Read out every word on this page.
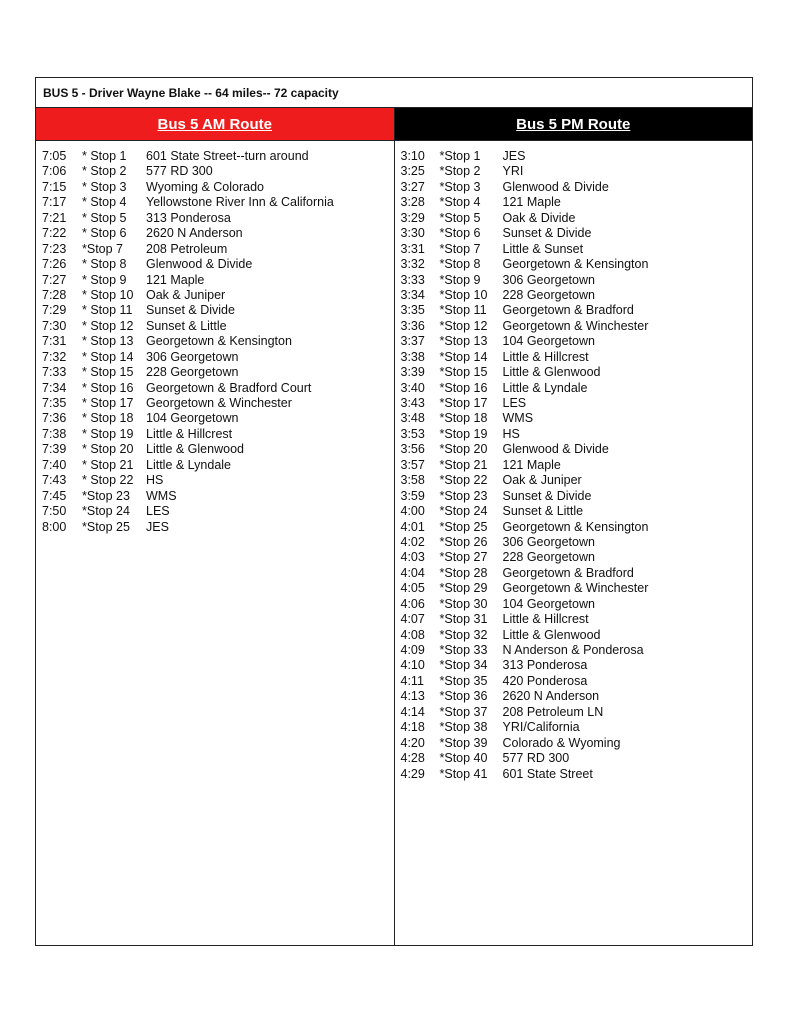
BUS 5 - Driver Wayne Blake -- 64 miles-- 72 capacity
Bus 5 AM Route	Bus 5 PM Route
7:05 * Stop 1 601 State Street--turn around
7:06 * Stop 2 577 RD 300
7:15 * Stop 3 Wyoming & Colorado
7:17 * Stop 4 Yellowstone River Inn & California
7:21 * Stop 5 313 Ponderosa
7:22 * Stop 6 2620 N Anderson
7:23 *Stop 7 208 Petroleum
7:26 * Stop 8 Glenwood & Divide
7:27 * Stop 9 121 Maple
7:28 * Stop 10 Oak & Juniper
7:29 * Stop 11 Sunset & Divide
7:30 * Stop 12 Sunset & Little
7:31 * Stop 13 Georgetown & Kensington
7:32 * Stop 14 306 Georgetown
7:33 * Stop 15 228 Georgetown
7:34 * Stop 16 Georgetown & Bradford Court
7:35 * Stop 17 Georgetown & Winchester
7:36 * Stop 18 104 Georgetown
7:38 * Stop 19 Little & Hillcrest
7:39 * Stop 20 Little & Glenwood
7:40 * Stop 21 Little & Lyndale
7:43 * Stop 22 HS
7:45 *Stop 23 WMS
7:50 *Stop 24 LES
8:00 *Stop 25 JES
3:10 *Stop 1 JES
3:25 *Stop 2 YRI
3:27 *Stop 3 Glenwood & Divide
3:28 *Stop 4 121 Maple
3:29 *Stop 5 Oak & Divide
3:30 *Stop 6 Sunset & Divide
3:31 *Stop 7 Little & Sunset
3:32 *Stop 8 Georgetown & Kensington
3:33 *Stop 9 306 Georgetown
3:34 *Stop 10 228 Georgetown
3:35 *Stop 11 Georgetown & Bradford
3:36 *Stop 12 Georgetown & Winchester
3:37 *Stop 13 104 Georgetown
3:38 *Stop 14 Little & Hillcrest
3:39 *Stop 15 Little & Glenwood
3:40 *Stop 16 Little & Lyndale
3:43 *Stop 17 LES
3:48 *Stop 18 WMS
3:53 *Stop 19 HS
3:56 *Stop 20 Glenwood & Divide
3:57 *Stop 21 121 Maple
3:58 *Stop 22 Oak & Juniper
3:59 *Stop 23 Sunset & Divide
4:00 *Stop 24 Sunset & Little
4:01 *Stop 25 Georgetown & Kensington
4:02 *Stop 26 306 Georgetown
4:03 *Stop 27 228 Georgetown
4:04 *Stop 28 Georgetown & Bradford
4:05 *Stop 29 Georgetown & Winchester
4:06 *Stop 30 104 Georgetown
4:07 *Stop 31 Little & Hillcrest
4:08 *Stop 32 Little & Glenwood
4:09 *Stop 33 N Anderson & Ponderosa
4:10 *Stop 34 313 Ponderosa
4:11 *Stop 35 420 Ponderosa
4:13 *Stop 36 2620 N Anderson
4:14 *Stop 37 208 Petroleum LN
4:18 *Stop 38 YRI/California
4:20 *Stop 39 Colorado & Wyoming
4:28 *Stop 40 577 RD 300
4:29 *Stop 41 601 State Street
